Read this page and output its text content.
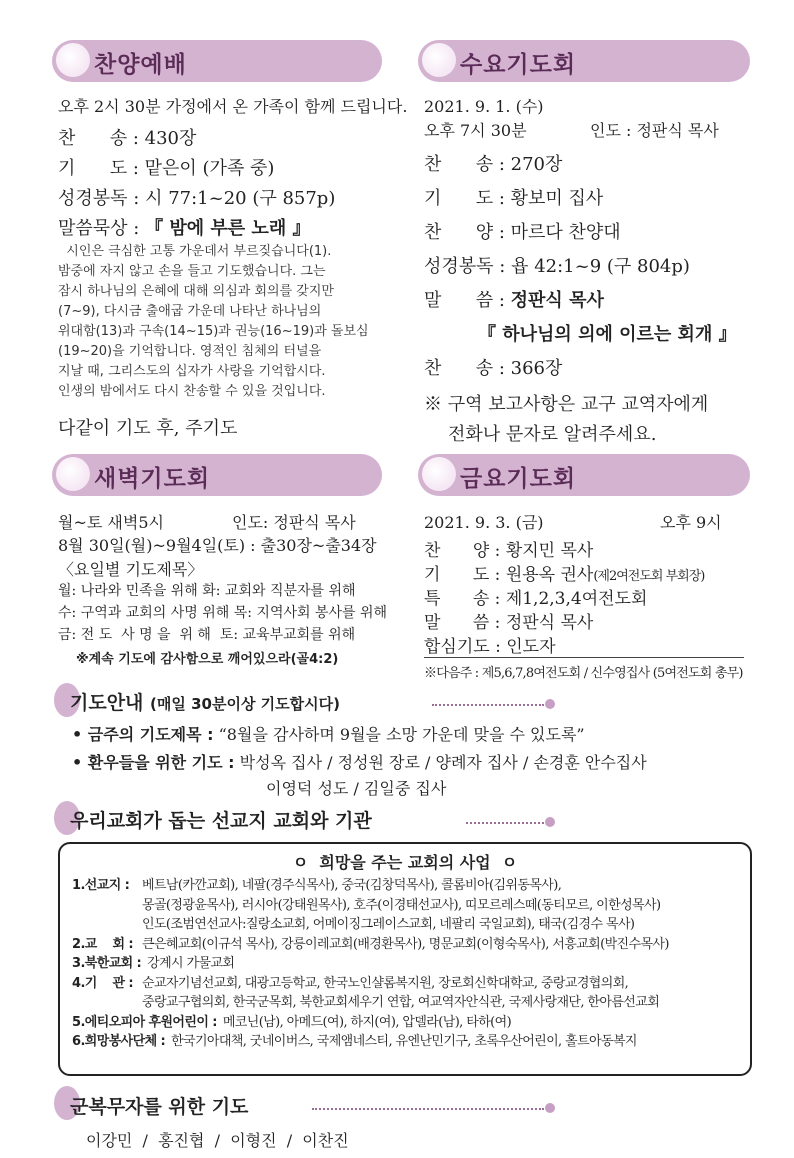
찬양예배
오후 2시 30분 가정에서 온 가족이 함께 드립니다.
찬      송 : 430장
기      도 : 맡은이 (가족 중)
성경봉독 : 시 77:1~20 (구 857p)
말씀묵상 : 『 밤에 부른 노래 』
시인은 극심한 고통 가운데서 부르짖습니다(1).
밤중에 자지 않고 손을 들고 기도했습니다. 그는
잠시 하나님의 은혜에 대해 의심과 회의를 갖지만
(7~9), 다시금 출애굽 가운데 나타난 하나님의
위대함(13)과 구속(14~15)과 권능(16~19)과 돌보심
(19~20)을 기억합니다. 영적인 침체의 터널을
지날 때, 그리스도의 십자가 사랑을 기억합시다.
인생의 밤에서도 다시 찬송할 수 있을 것입니다.
다같이 기도 후, 주기도
수요기도회
2021. 9. 1. (수)
오후 7시 30분	인도 : 정판식 목사
찬      송 : 270장
기      도 : 황보미 집사
찬      양 : 마르다 찬양대
성경봉독 : 욥 42:1~9 (구 804p)
말      씀 : 정판식 목사
『 하나님의 의에 이르는 회개 』
찬      송 : 366장
※ 구역 보고사항은 교구 교역자에게
전화나 문자로 알려주세요.
새벽기도회
월~토 새벽5시	인도: 정판식 목사
8월 30일(월)~9월4일(토) : 출30장~출34장
〈요일별 기도제목〉
월: 나라와 민족을 위해 화: 교회와 직분자를 위해
수: 구역과 교회의 사명 위해 목: 지역사회 봉사를 위해
금: 전 도  사 명 을  위 해  토: 교육부교회를 위해
※계속 기도에 감사함으로 깨어있으라(골4:2)
금요기도회
2021. 9. 3. (금)	오후 9시
찬      양 : 황지민 목사
기      도 : 원용옥 권사(제2여전도회 부회장)
특      송 : 제1,2,3,4여전도회
말      씀 : 정판식 목사
합심기도 : 인도자
※다음주 : 제5,6,7,8여전도회 / 신수영집사 (5여전도회 총무)
기도안내 (매일 30분이상 기도합시다)
• 금주의 기도제목 : “8월을 감사하며 9월을 소망 가운데 맞을 수 있도록”
• 환우들을 위한 기도 : 박성옥 집사 / 정성원 장로 / 양례자 집사 / 손경훈 안수집사
이영덕 성도 / 김일중 집사
우리교회가 돕는 선교지 교회와 기관
ㅇ  희망을 주는 교회의 사업  ㅇ
1.선교지 : 베트남(카깐교회), 네팔(경주식목사), 중국(김창덕목사), 콜롬비아(김위동목사),
몽골(정광윤목사), 러시아(강태원목사), 호주(이경태선교사), 띠모르레스떼(동티모르, 이한성목사)
인도(조범연선교사:질랑소교회, 어메이징그레이스교회, 네팔리 국일교회), 태국(김경수 목사)
2.교    회 : 큰은혜교회(이규석 목사), 강릉이레교회(배경환목사), 명문교회(이형숙목사), 서흥교회(박진수목사)
3.북한교회 : 강계시 가물교회
4.기    관 : 순교자기념선교회, 대광고등학교, 한국노인샬롬복지원, 장로회신학대학교, 중랑교경협의회,
중랑교구협의회, 한국군목회, 북한교회세우기 연합, 여교역자안식관, 국제사랑재단, 한아름선교회
5.에티오피아 후원어린이 : 메코닌(남), 아메드(여), 하지(여), 압델라(남), 타하(여)
6.희망봉사단체 : 한국기아대책, 굿네이버스, 국제앰네스티, 유엔난민기구, 초록우산어린이, 홀트아동복지
군복무자를 위한 기도
이강민  /  홍진협  /  이형진  /  이찬진
